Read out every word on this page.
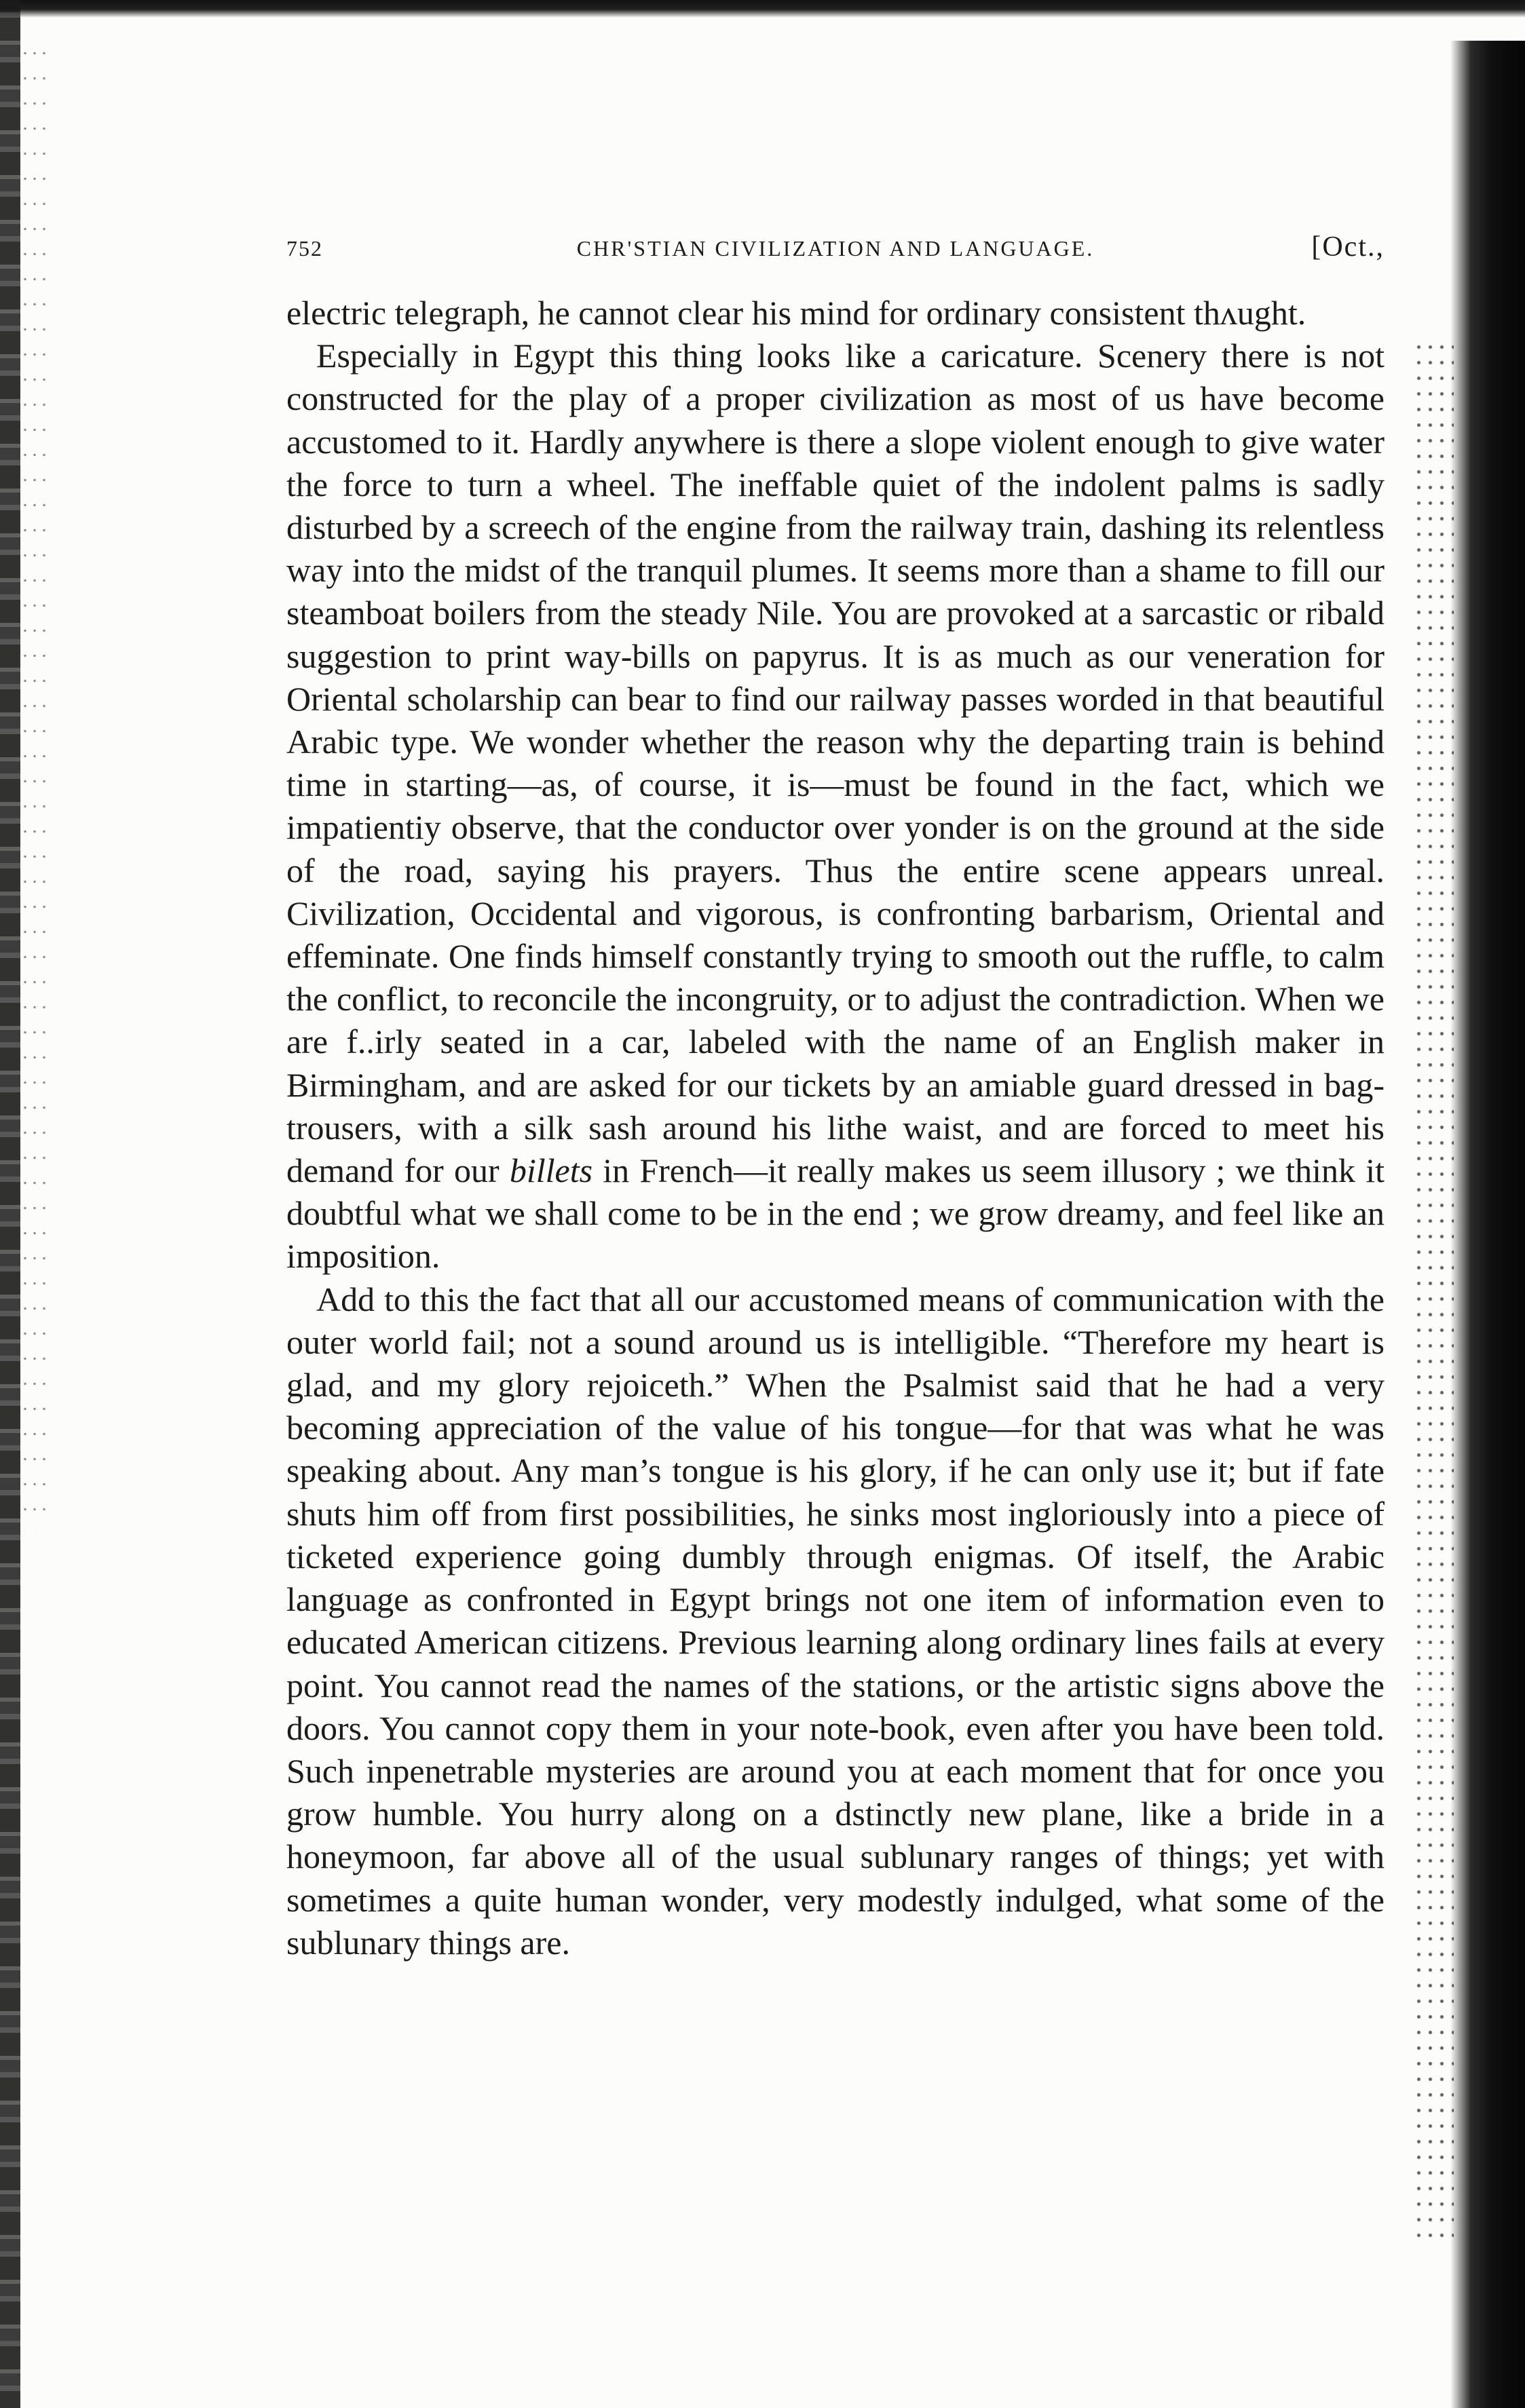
752	CHR'STIAN CIVILIZATION AND LANGUAGE.	[Oct.,

electric telegraph, he cannot clear his mind for ordinary consistent thʌught.

Especially in Egypt this thing looks like a caricature. Scenery there is not constructed for the play of a proper civilization as most of us have become accustomed to it. Hardly anywhere is there a slope violent enough to give water the force to turn a wheel. The ineffable quiet of the indolent palms is sadly disturbed by a screech of the engine from the railway train, dashing its relentless way into the midst of the tranquil plumes. It seems more than a shame to fill our steamboat boilers from the steady Nile. You are provoked at a sarcastic or ribald suggestion to print way-bills on papyrus. It is as much as our veneration for Oriental scholarship can bear to find our railway passes worded in that beautiful Arabic type. We wonder whether the reason why the departing train is behind time in starting—as, of course, it is—must be found in the fact, which we impatientiy observe, that the conductor over yonder is on the ground at the side of the road, saying his prayers. Thus the entire scene appears unreal. Civilization, Occidental and vigorous, is confronting barbarism, Oriental and effeminate. One finds himself constantly trying to smooth out the ruffle, to calm the conflict, to reconcile the incongruity, or to adjust the contradiction. When we are f..irly seated in a car, labeled with the name of an English maker in Birmingham, and are asked for our tickets by an amiable guard dressed in bag-trousers, with a silk sash around his lithe waist, and are forced to meet his demand for our billets in French—it really makes us seem illusory ; we think it doubtful what we shall come to be in the end ; we grow dreamy, and feel like an imposition.

Add to this the fact that all our accustomed means of communication with the outer world fail; not a sound around us is intelligible. “Therefore my heart is glad, and my glory rejoiceth.” When the Psalmist said that he had a very becoming appreciation of the value of his tongue—for that was what he was speaking about. Any man’s tongue is his glory, if he can only use it; but if fate shuts him off from first possibilities, he sinks most ingloriously into a piece of ticketed experience going dumbly through enigmas. Of itself, the Arabic language as confronted in Egypt brings not one item of information even to educated American citizens. Previous learning along ordinary lines fails at every point. You cannot read the names of the stations, or the artistic signs above the doors. You cannot copy them in your note-book, even after you have been told. Such inpenetrable mysteries are around you at each moment that for once you grow humble. You hurry along on a dstinctly new plane, like a bride in a honeymoon, far above all of the usual sublunary ranges of things; yet with sometimes a quite human wonder, very modestly indulged, what some of the sublunary things are.
